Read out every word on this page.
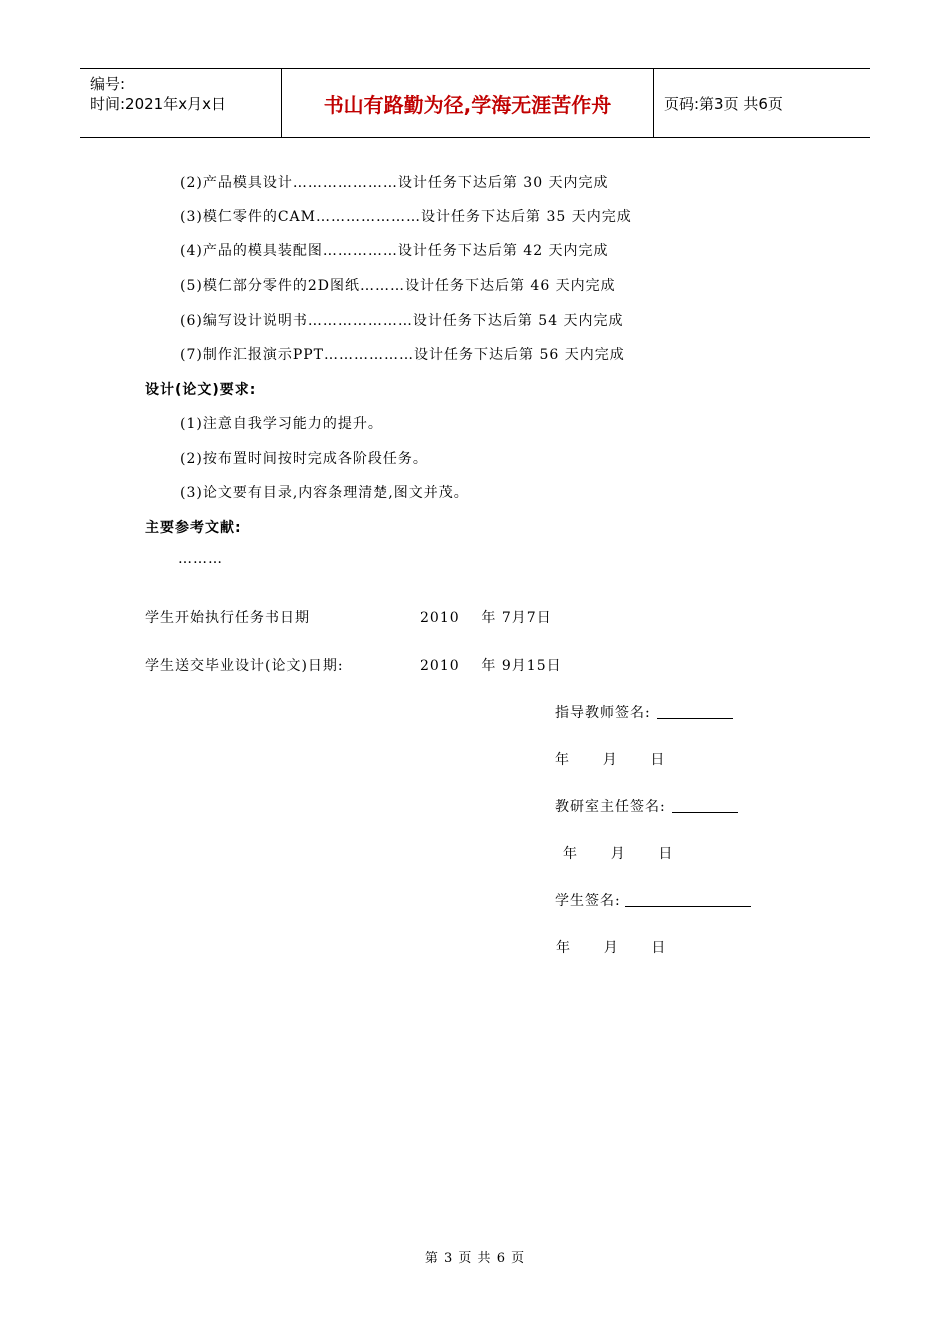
编号:
时间:2021年x月x日	书山有路勤为径,学海无涯苦作舟	页码:第3页 共6页
(2)产品模具设计…………………设计任务下达后第 30 天内完成
(3)模仁零件的CAM…………………设计任务下达后第 35 天内完成
(4)产品的模具装配图……………设计任务下达后第 42 天内完成
(5)模仁部分零件的2D图纸………设计任务下达后第 46 天内完成
(6)编写设计说明书…………………设计任务下达后第 54 天内完成
(7)制作汇报演示PPT………………设计任务下达后第 56 天内完成
设计(论文)要求:
(1)注意自我学习能力的提升。
(2)按布置时间按时完成各阶段任务。
(3)论文要有目录,内容条理清楚,图文并茂。
主要参考文献:
………
学生开始执行任务书日期	2010    年 7月7日
学生送交毕业设计(论文)日期:	2010    年 9月15日
指导教师签名:
年      月      日
教研室主任签名:
年      月      日
学生签名:
年      月      日
第 3 页 共 6 页
